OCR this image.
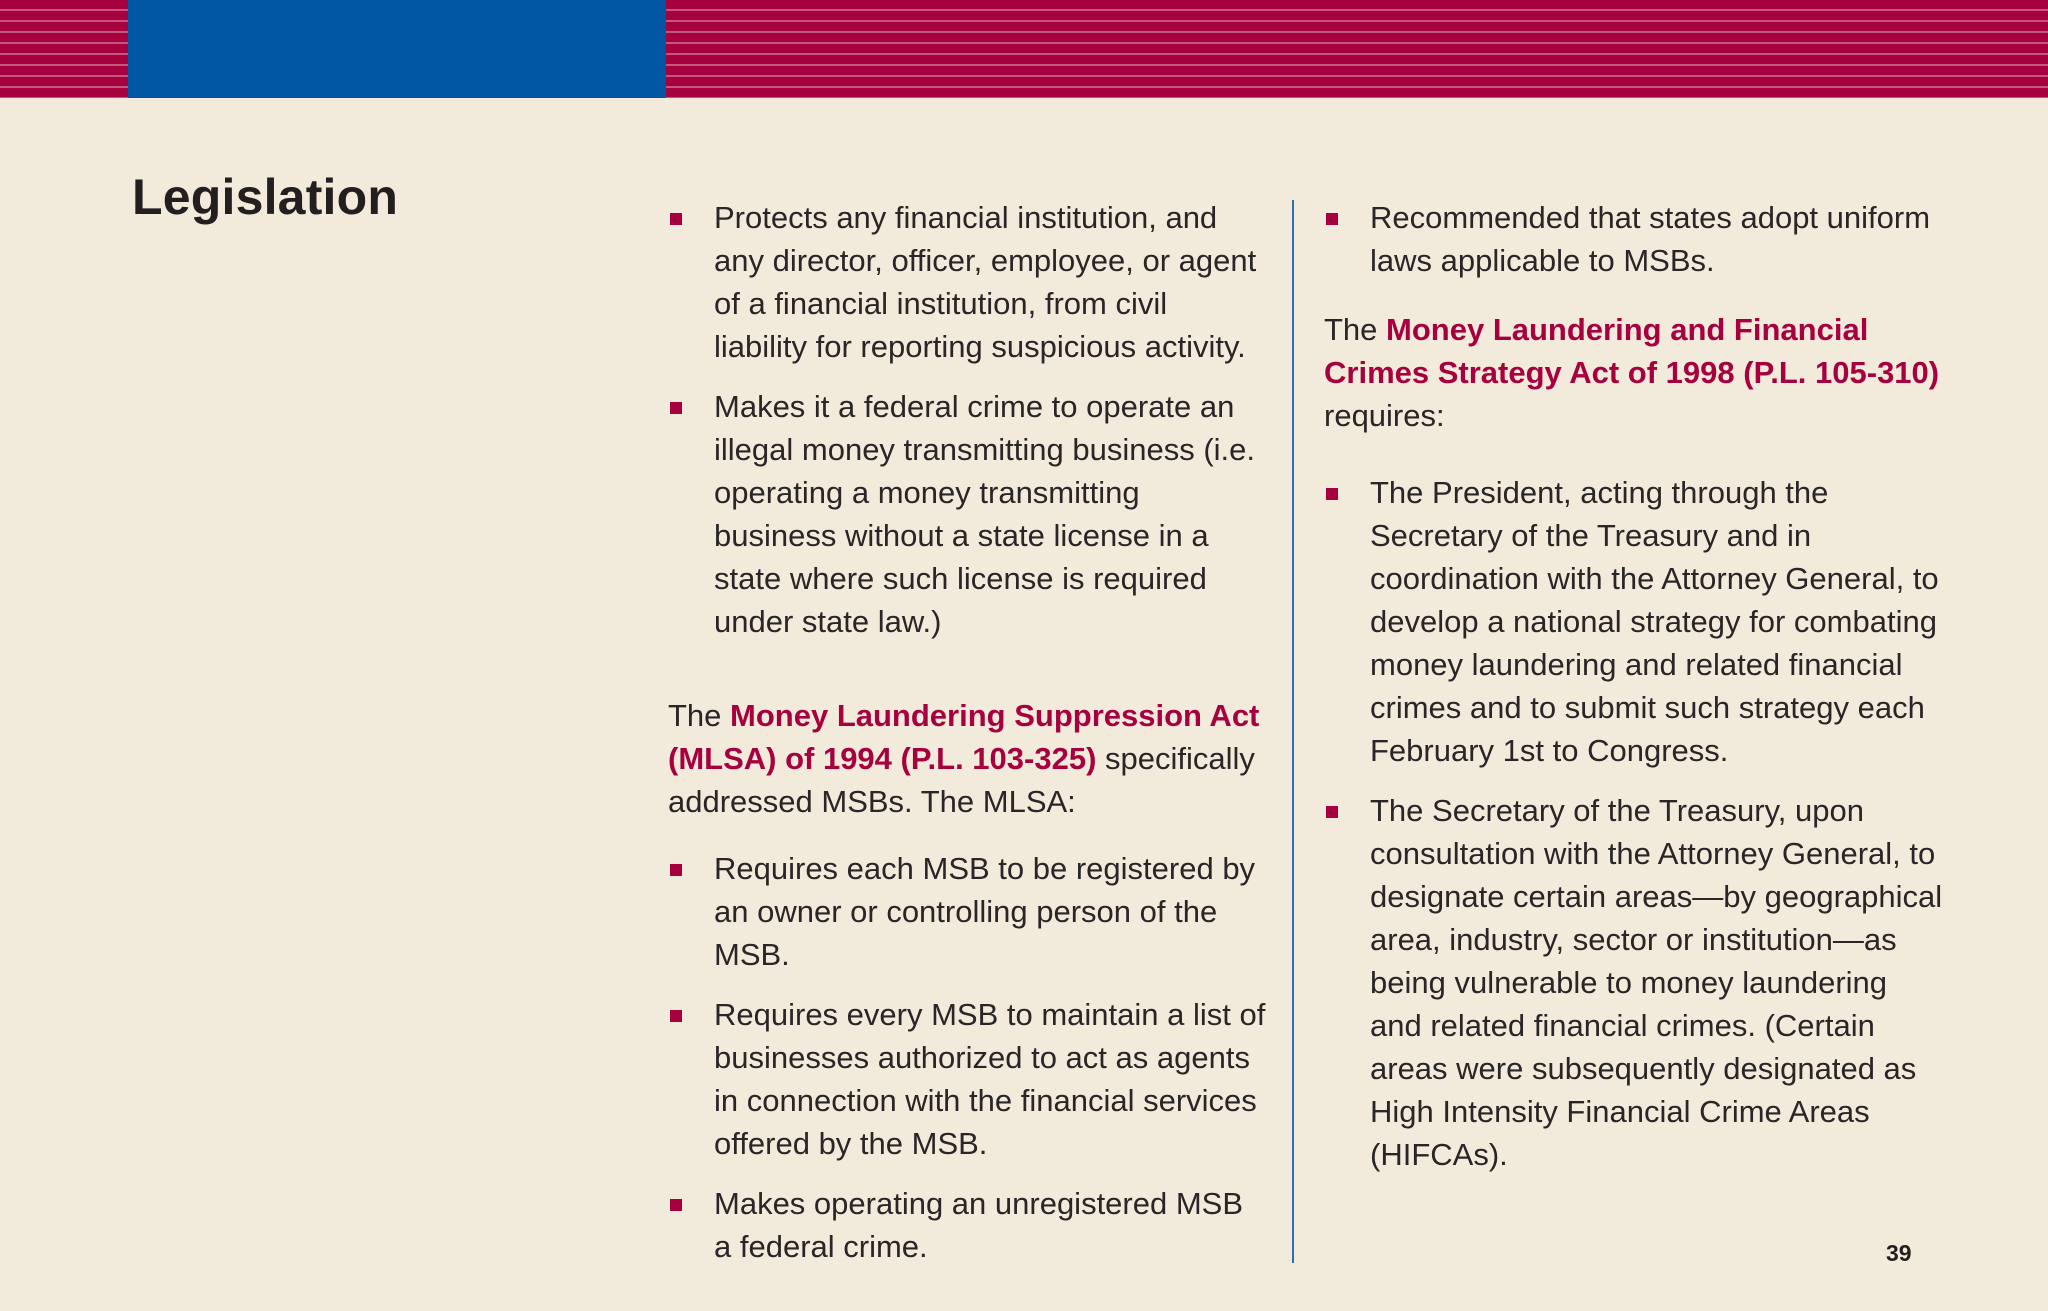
Legislation	Protects any financial institution, and any director, officer, employee, or agent of a financial institution, from civil liability for reporting suspicious activity.
Makes it a federal crime to operate an illegal money transmitting business (i.e. operating a money transmitting business without a state license in a state where such license is required under state law.)

The Money Laundering Suppression Act (MLSA) of 1994 (P.L. 103-325) specifically addressed MSBs. The MLSA:

Requires each MSB to be registered by an owner or controlling person of the MSB.
Requires every MSB to maintain a list of businesses authorized to act as agents in connection with the financial services offered by the MSB.
Makes operating an unregistered MSB a federal crime.
Recommended that states adopt uniform laws applicable to MSBs.

The Money Laundering and Financial Crimes Strategy Act of 1998 (P.L. 105-310) requires:

The President, acting through the Secretary of the Treasury and in coordination with the Attorney General, to develop a national strategy for combating money laundering and related financial crimes and to submit such strategy each February 1st to Congress.
The Secretary of the Treasury, upon consultation with the Attorney General, to designate certain areas—by geographical area, industry, sector or institution—as being vulnerable to money laundering and related financial crimes. (Certain areas were subsequently designated as High Intensity Financial Crime Areas (HIFCAs).
39
